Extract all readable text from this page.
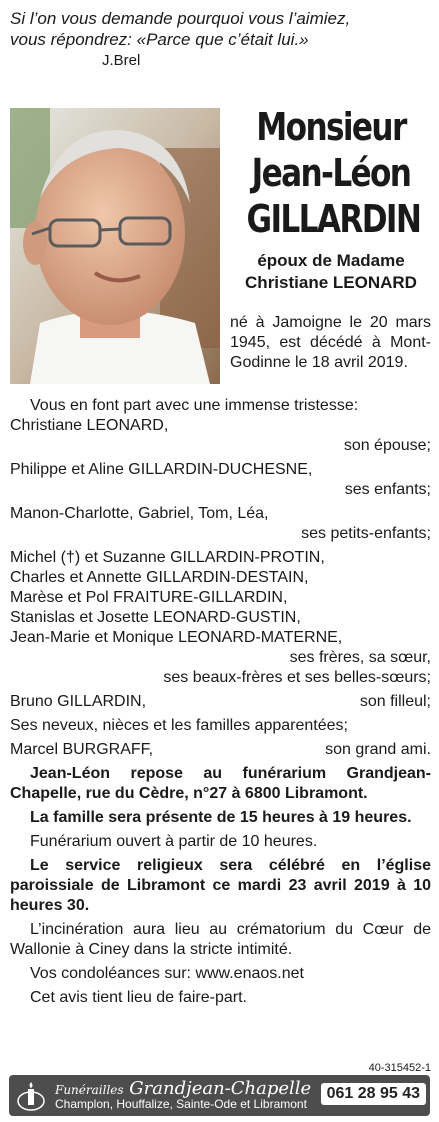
Si l’on vous demande pourquoi vous l’aimiez,
vous répondrez: «Parce que c’était lui.»
J.Brel
Monsieur
Jean-Léon
GILLARDIN
époux de Madame
Christiane LEONARD
né à Jamoigne le 20 mars 1945, est décédé à Mont-Godinne le 18 avril 2019.

Vous en font part avec une immense tristesse:

Christiane LEONARD,

son épouse;

Philippe et Aline GILLARDIN-DUCHESNE,

ses enfants;

Manon-Charlotte, Gabriel, Tom, Léa,

ses petits-enfants;

Michel (†) et Suzanne GILLARDIN-PROTIN,

Charles et Annette GILLARDIN-DESTAIN,

Marèse et Pol FRAITURE-GILLARDIN,

Stanislas et Josette LEONARD-GUSTIN,

Jean-Marie et Monique LEONARD-MATERNE,

ses frères, sa sœur,

ses beaux-frères et ses belles-sœurs;

Bruno GILLARDIN,	son filleul;

Ses neveux, nièces et les familles apparentées;

Marcel BURGRAFF,	son grand ami.

Jean-Léon repose au funérarium Grandjean-Chapelle, rue du Cèdre, n°27 à 6800 Libramont.

La famille sera présente de 15 heures à 19 heures.

Funérarium ouvert à partir de 10 heures.

Le service religieux sera célébré en l’église paroissiale de Libramont ce mardi 23 avril 2019 à 10 heures 30.

L’incinération aura lieu au crématorium du Cœur de Wallonie à Ciney dans la stricte intimité.

Vos condoléances sur: www.enaos.net

Cet avis tient lieu de faire-part.

40-315452-1
Funérailles Grandjean-Chapelle
Champlon, Houffalize, Sainte-Ode et Libramont
061 28 95 43
